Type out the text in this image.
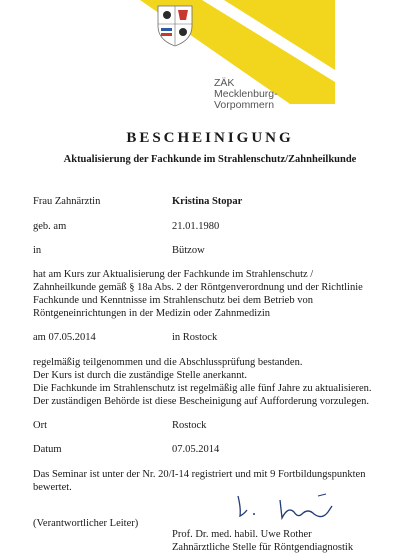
ZÄK
Mecklenburg-
Vorpommern
BESCHEINIGUNG
Aktualisierung der Fachkunde im Strahlenschutz/Zahnheilkunde
Frau Zahnärztin	Kristina Stopar
geb. am	21.01.1980
in	Bützow
hat am Kurs zur Aktualisierung der Fachkunde im Strahlenschutz /
Zahnheilkunde gemäß § 18a Abs. 2 der Röntgenverordnung und der Richtlinie
Fachkunde und Kenntnisse im Strahlenschutz bei dem Betrieb von
Röntgeneinrichtungen in der Medizin oder Zahnmedizin
am 07.05.2014	in Rostock
regelmäßig teilgenommen und die Abschlussprüfung bestanden.
Der Kurs ist durch die zuständige Stelle anerkannt.
Die Fachkunde im Strahlenschutz ist regelmäßig alle fünf Jahre zu aktualisieren.
Der zuständigen Behörde ist diese Bescheinigung auf Aufforderung vorzulegen.
Ort	Rostock
Datum	07.05.2014
Das Seminar ist unter der Nr. 20/I-14 registriert und mit 9 Fortbildungspunkten
bewertet.
(Verantwortlicher Leiter)
Prof. Dr. med. habil. Uwe Rother
Zahnärztliche Stelle für Röntgendiagnostik
